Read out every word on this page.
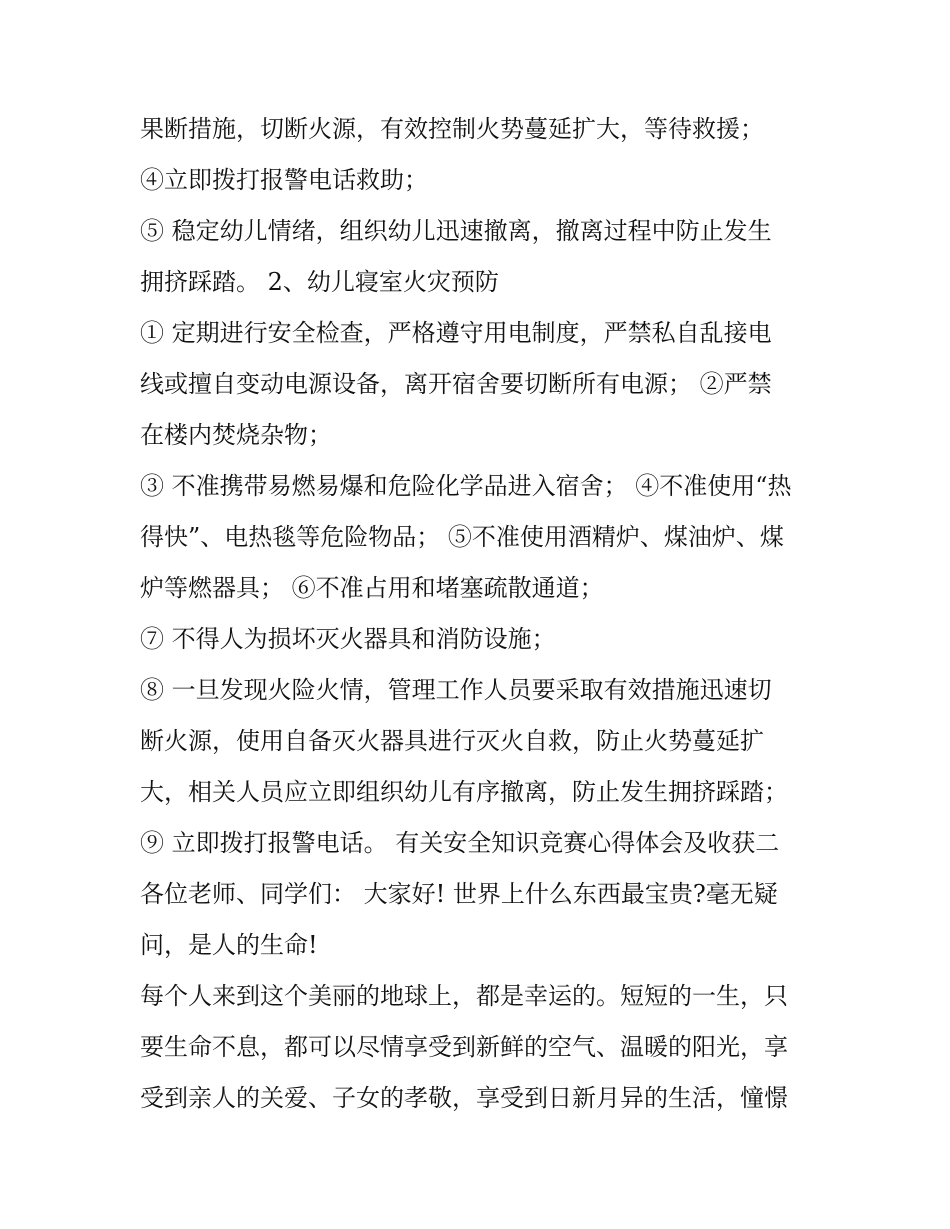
果断措施，切断火源，有效控制火势蔓延扩大，等待救援；
④立即拨打报警电话救助；
⑤ 稳定幼儿情绪，组织幼儿迅速撤离，撤离过程中防止发生
拥挤踩踏。 2、幼儿寝室火灾预防
① 定期进行安全检查，严格遵守用电制度，严禁私自乱接电
线或擅自变动电源设备，离开宿舍要切断所有电源； ②严禁
在楼内焚烧杂物；
③ 不准携带易燃易爆和危险化学品进入宿舍； ④不准使用“热
得快”、电热毯等危险物品； ⑤不准使用酒精炉、煤油炉、煤
炉等燃器具； ⑥不准占用和堵塞疏散通道；
⑦ 不得人为损坏灭火器具和消防设施；
⑧ 一旦发现火险火情，管理工作人员要采取有效措施迅速切
断火源，使用自备灭火器具进行灭火自救，防止火势蔓延扩
大，相关人员应立即组织幼儿有序撤离，防止发生拥挤踩踏；
⑨ 立即拨打报警电话。 有关安全知识竞赛心得体会及收获二
各位老师、同学们： 大家好! 世界上什么东西最宝贵?毫无疑
问，是人的生命!
每个人来到这个美丽的地球上，都是幸运的。短短的一生，只
要生命不息，都可以尽情享受到新鲜的空气、温暖的阳光，享
受到亲人的关爱、子女的孝敬，享受到日新月异的生活，憧憬
